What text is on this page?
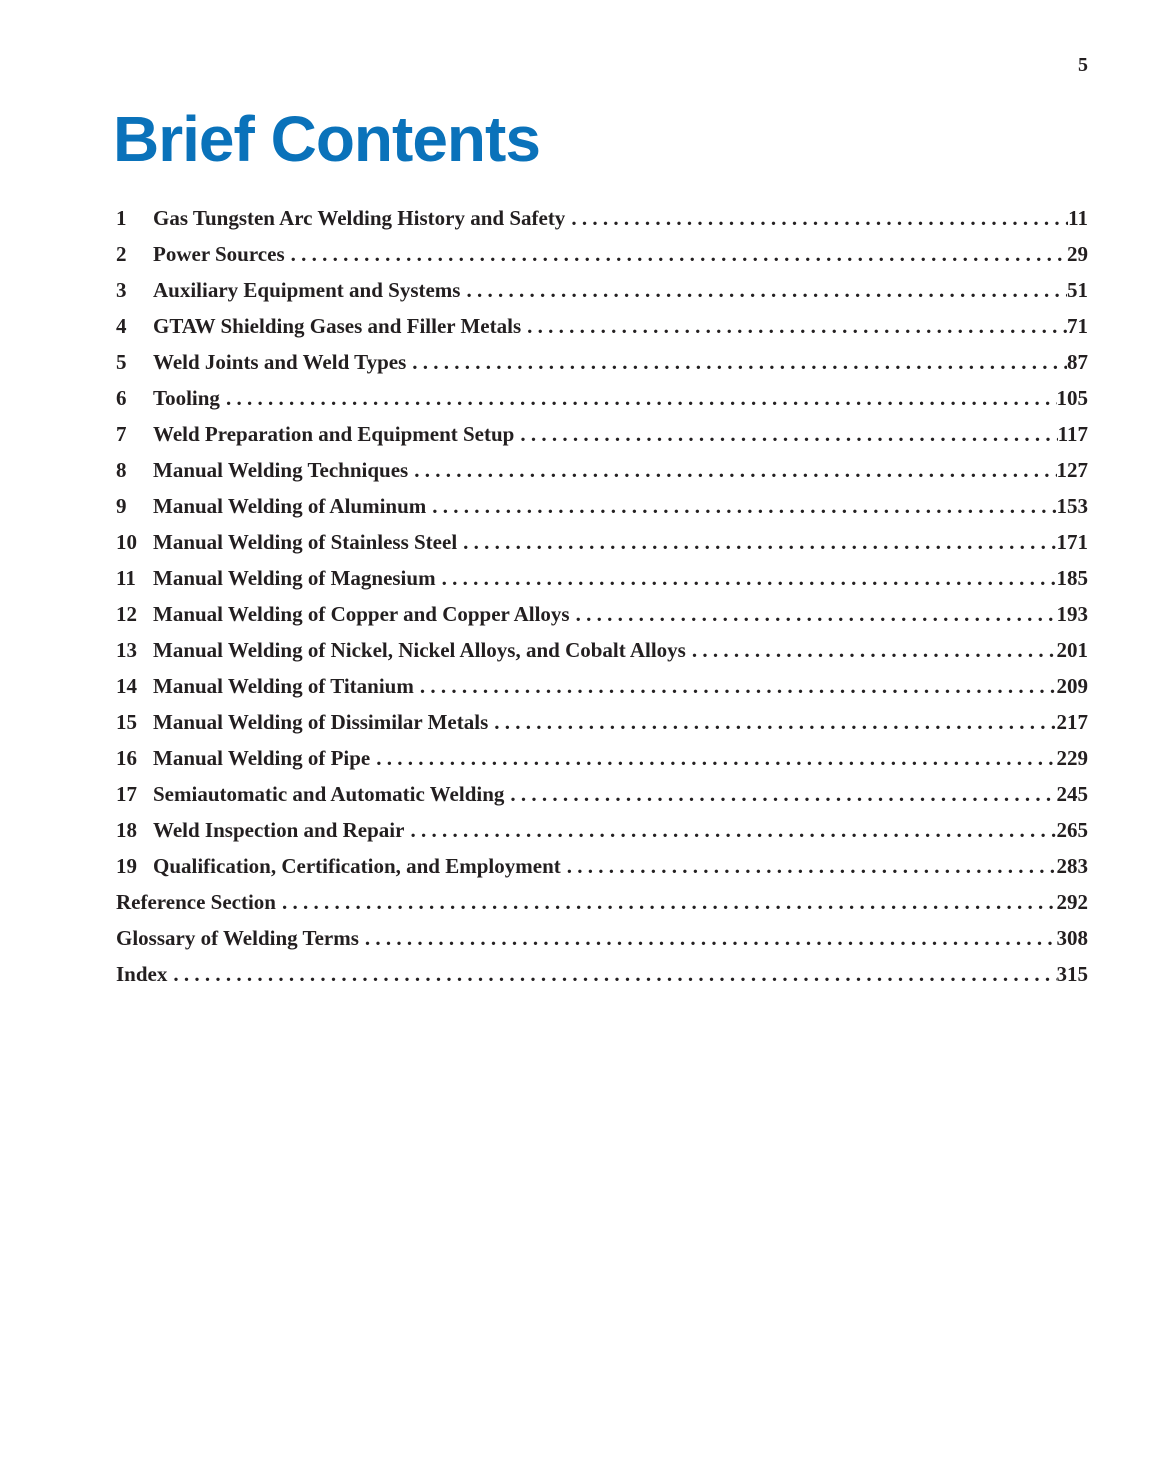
5
Brief Contents
1	Gas Tungsten Arc Welding History and Safety . . .	11
2	Power Sources . . .	29
3	Auxiliary Equipment and Systems . . .	51
4	GTAW Shielding Gases and Filler Metals . . .	71
5	Weld Joints and Weld Types . . .	87
6	Tooling . . .	105
7	Weld Preparation and Equipment Setup . . .	117
8	Manual Welding Techniques . . .	127
9	Manual Welding of Aluminum . . .	153
10 Manual Welding of Stainless Steel . . .	171
11 Manual Welding of Magnesium . . .	185
12 Manual Welding of Copper and Copper Alloys . . .	193
13 Manual Welding of Nickel, Nickel Alloys, and Cobalt Alloys . . .	201
14 Manual Welding of Titanium . . .	209
15 Manual Welding of Dissimilar Metals . . .	217
16 Manual Welding of Pipe . . .	229
17 Semiautomatic and Automatic Welding . . .	245
18 Weld Inspection and Repair . . .	265
19 Qualification, Certification, and Employment . . .	283
Reference Section . . .	292
Glossary of Welding Terms . . .	308
Index . . .	315
